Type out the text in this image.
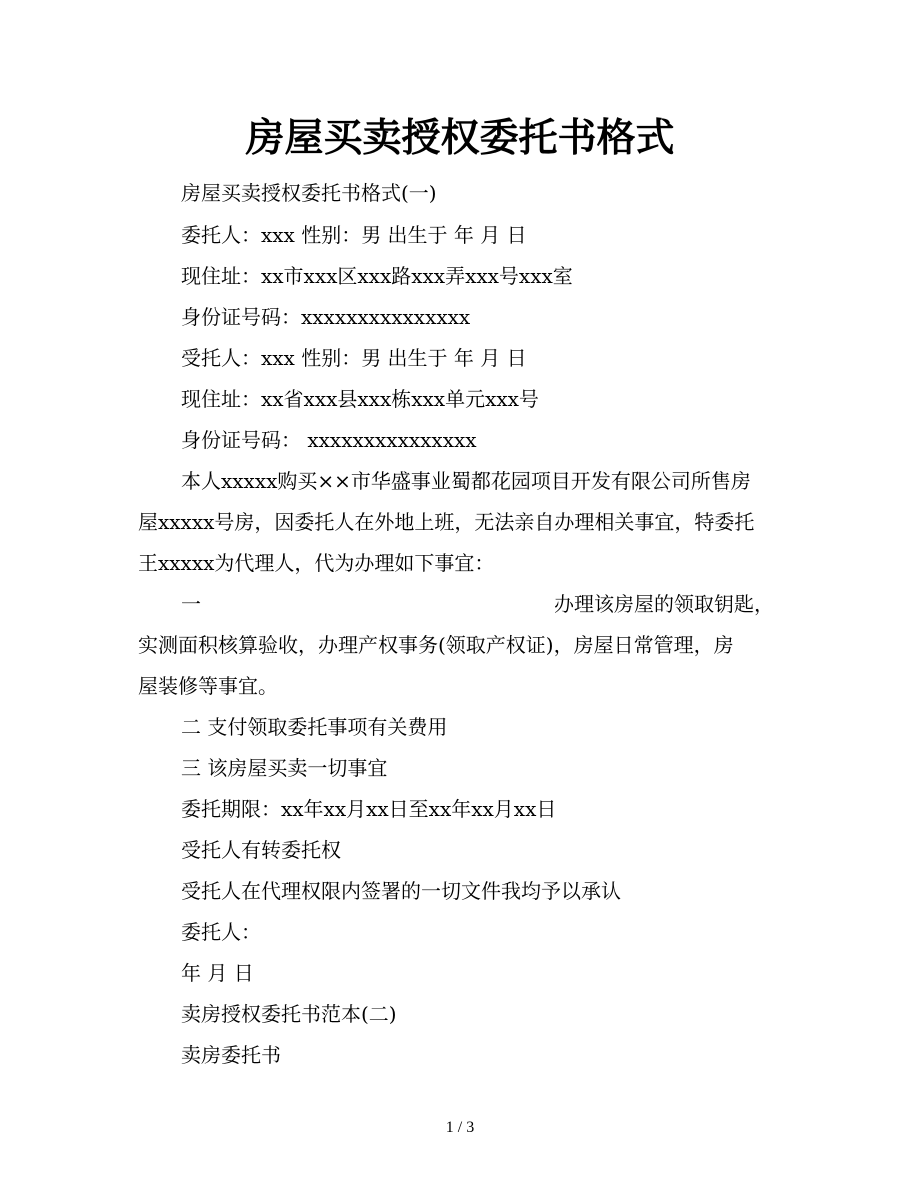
房屋买卖授权委托书格式
房屋买卖授权委托书格式(一)
委托人：xxx 性别：男 出生于 年 月 日
现住址：xx市xxx区xxx路xxx弄xxx号xxx室
身份证号码：xxxxxxxxxxxxxxx
受托人：xxx 性别：男 出生于 年 月 日
现住址：xx省xxx县xxx栋xxx单元xxx号
身份证号码： xxxxxxxxxxxxxxx
本人xxxxx购买××市华盛事业蜀都花园项目开发有限公司所售房
屋xxxxx号房，因委托人在外地上班，无法亲自办理相关事宜，特委托
王xxxxx为代理人，代为办理如下事宜：
一	办理该房屋的领取钥匙，
实测面积核算验收，办理产权事务(领取产权证)，房屋日常管理，房
屋装修等事宜。
二 支付领取委托事项有关费用
三 该房屋买卖一切事宜
委托期限：xx年xx月xx日至xx年xx月xx日
受托人有转委托权
受托人在代理权限内签署的一切文件我均予以承认
委托人：
年 月 日
卖房授权委托书范本(二)
卖房委托书
1 / 3
